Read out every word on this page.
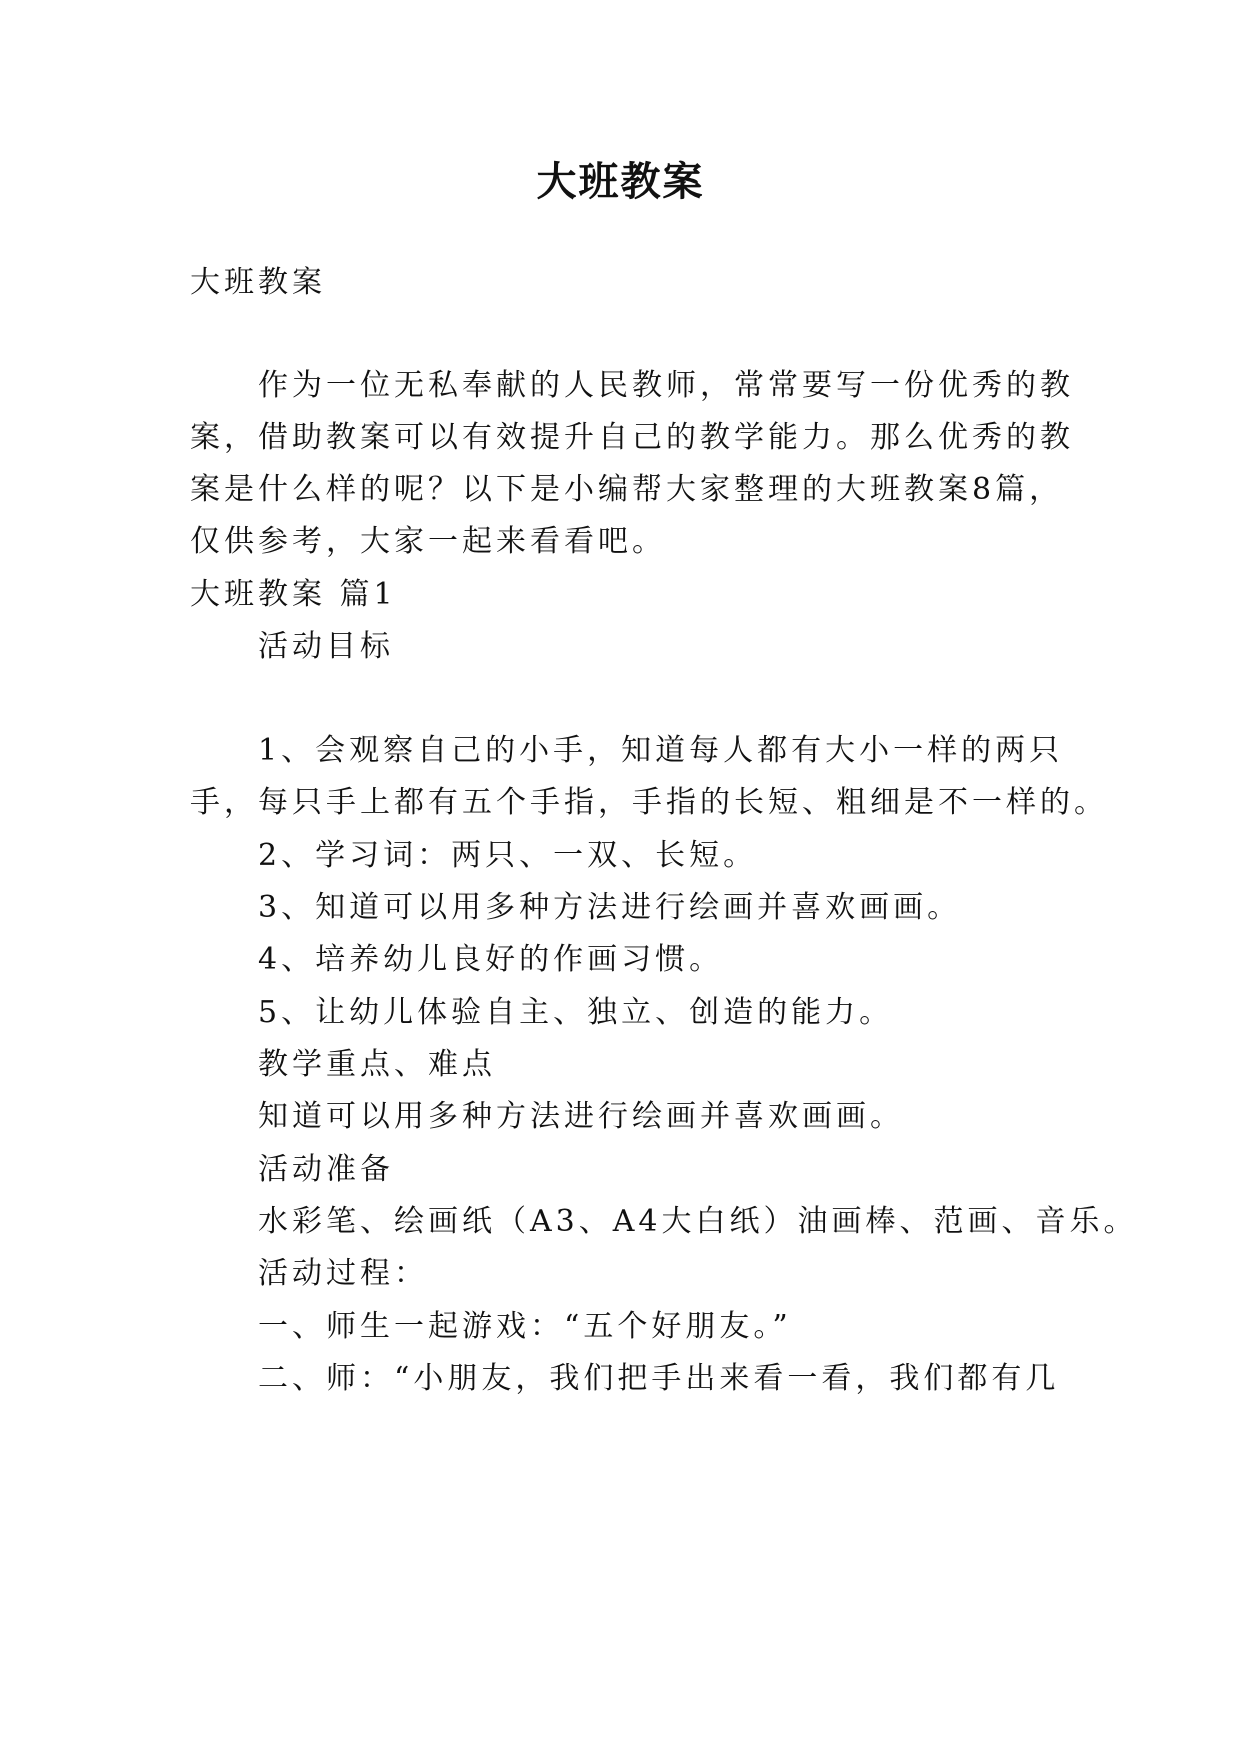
大班教案
大班教案
作为一位无私奉献的人民教师，常常要写一份优秀的教
案，借助教案可以有效提升自己的教学能力。那么优秀的教
案是什么样的呢？以下是小编帮大家整理的大班教案8篇，
仅供参考，大家一起来看看吧。
大班教案 篇1
活动目标
1、会观察自己的小手，知道每人都有大小一样的两只
手，每只手上都有五个手指，手指的长短、粗细是不一样的。
2、学习词：两只、一双、长短。
3、知道可以用多种方法进行绘画并喜欢画画。
4、培养幼儿良好的作画习惯。
5、让幼儿体验自主、独立、创造的能力。
教学重点、难点
知道可以用多种方法进行绘画并喜欢画画。
活动准备
水彩笔、绘画纸（A3、A4大白纸）油画棒、范画、音乐。
活动过程：
一、师生一起游戏：“五个好朋友。”
二、师：“小朋友，我们把手出来看一看，我们都有几
